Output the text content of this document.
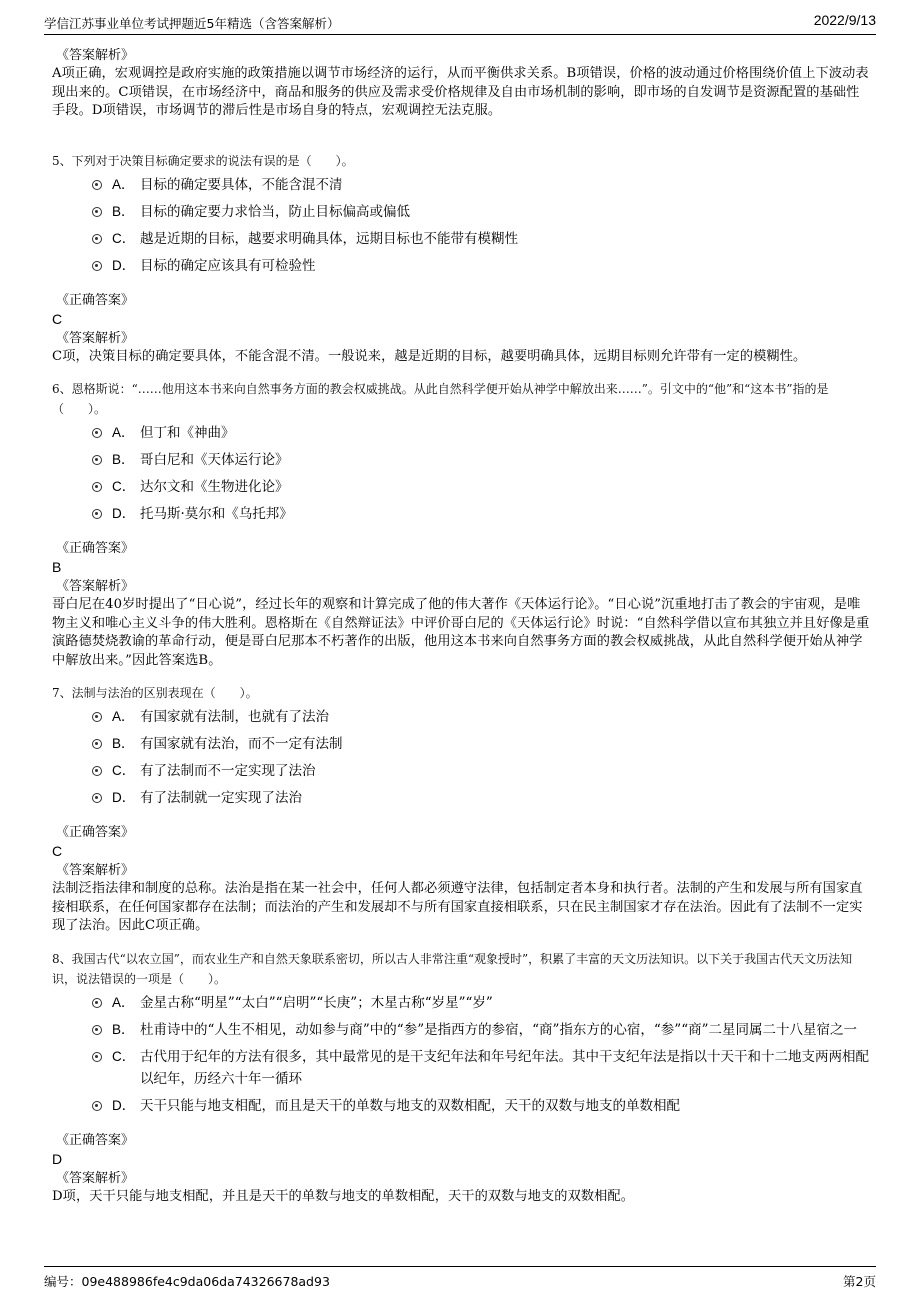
学信江苏事业单位考试押题近5年精选（含答案解析）	2022/9/13
《答案解析》
A项正确，宏观调控是政府实施的政策措施以调节市场经济的运行，从而平衡供求关系。B项错误，价格的波动通过价格围绕价值上下波动表现出来的。C项错误，在市场经济中，商品和服务的供应及需求受价格规律及自由市场机制的影响，即市场的自发调节是资源配置的基础性手段。D项错误，市场调节的滞后性是市场自身的特点，宏观调控无法克服。
5、下列对于决策目标确定要求的说法有误的是（　　）。
A． 目标的确定要具体，不能含混不清
B． 目标的确定要力求恰当，防止目标偏高或偏低
C． 越是近期的目标，越要求明确具体，远期目标也不能带有模糊性
D． 目标的确定应该具有可检验性
《正确答案》
C
《答案解析》
C项，决策目标的确定要具体，不能含混不清。一般说来，越是近期的目标，越要明确具体，远期目标则允许带有一定的模糊性。
6、恩格斯说：“……他用这本书来向自然事务方面的教会权威挑战。从此自然科学便开始从神学中解放出来……”。引文中的“他”和“这本书”指的是（　　）。
A． 但丁和《神曲》
B． 哥白尼和《天体运行论》
C． 达尔文和《生物进化论》
D． 托马斯·莫尔和《乌托邦》
《正确答案》
B
《答案解析》
哥白尼在40岁时提出了“日心说”，经过长年的观察和计算完成了他的伟大著作《天体运行论》。“日心说”沉重地打击了教会的宇宙观，是唯物主义和唯心主义斗争的伟大胜利。恩格斯在《自然辩证法》中评价哥白尼的《天体运行论》时说：“自然科学借以宣布其独立并且好像是重演路德焚烧教谕的革命行动，便是哥白尼那本不朽著作的出版，他用这本书来向自然事务方面的教会权威挑战，从此自然科学便开始从神学中解放出来。”因此答案选B。
7、法制与法治的区别表现在（　　）。
A． 有国家就有法制，也就有了法治
B． 有国家就有法治，而不一定有法制
C． 有了法制而不一定实现了法治
D． 有了法制就一定实现了法治
《正确答案》
C
《答案解析》
法制泛指法律和制度的总称。法治是指在某一社会中，任何人都必须遵守法律，包括制定者本身和执行者。法制的产生和发展与所有国家直接相联系，在任何国家都存在法制；而法治的产生和发展却不与所有国家直接相联系，只在民主制国家才存在法治。因此有了法制不一定实现了法治。因此C项正确。
8、我国古代“以农立国”，而农业生产和自然天象联系密切，所以古人非常注重“观象授时”，积累了丰富的天文历法知识。以下关于我国古代天文历法知识，说法错误的一项是（　　）。
A． 金星古称“明星”“太白”“启明”“长庚”；木星古称“岁星”“岁”
B． 杜甫诗中的“人生不相见，动如参与商”中的“参”是指西方的参宿，“商”指东方的心宿，“参”“商”二星同属二十八星宿之一
C． 古代用于纪年的方法有很多，其中最常见的是干支纪年法和年号纪年法。其中干支纪年法是指以十天干和十二地支两两相配以纪年，历经六十年一循环
D． 天干只能与地支相配，而且是天干的单数与地支的双数相配，天干的双数与地支的单数相配
《正确答案》
D
《答案解析》
D项，天干只能与地支相配，并且是天干的单数与地支的单数相配，天干的双数与地支的双数相配。
编号：09e488986fe4c9da06da74326678ad93	第2页
